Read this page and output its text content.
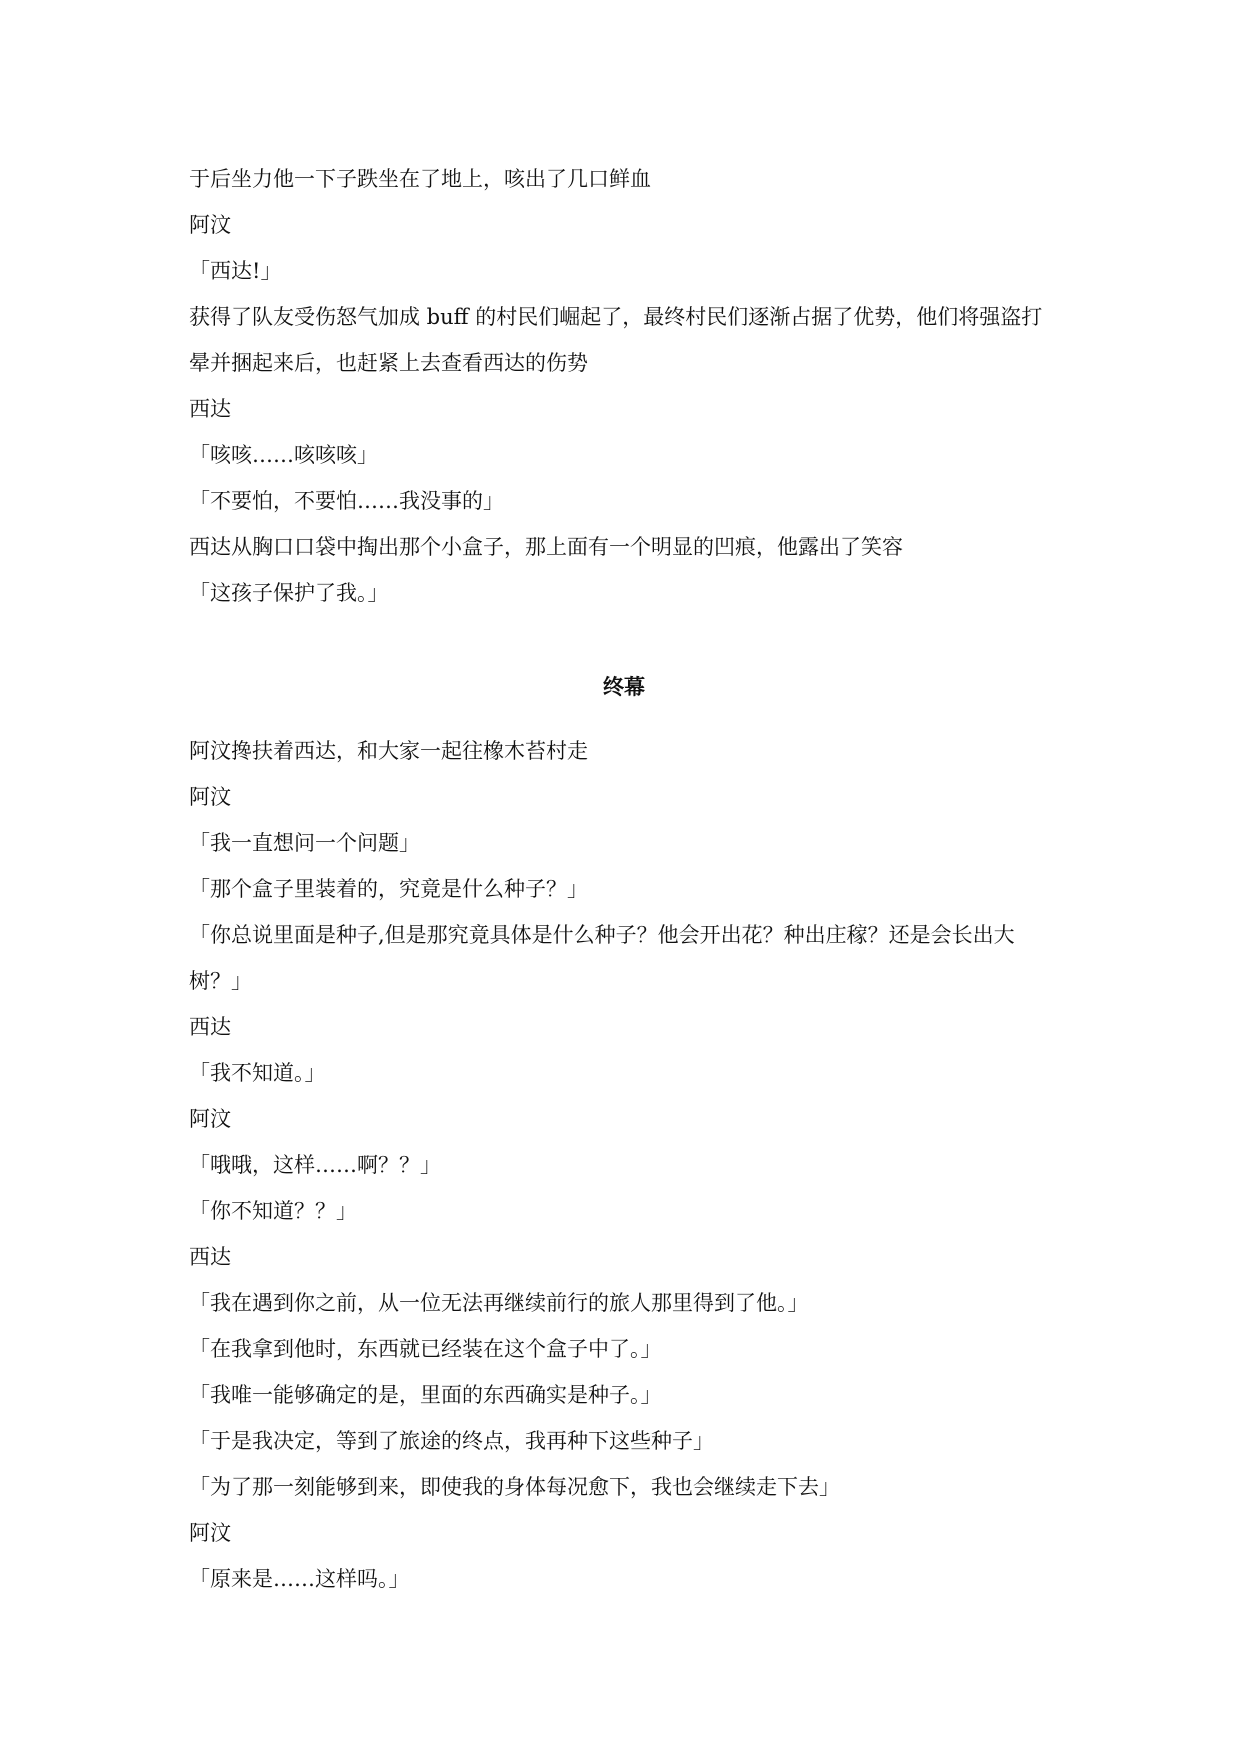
于后坐力他一下子跌坐在了地上，咳出了几口鲜血

阿汶

「西达!」

获得了队友受伤怒气加成 buff 的村民们崛起了，最终村民们逐渐占据了优势，他们将强盗打晕并捆起来后，也赶紧上去查看西达的伤势

西达

「咳咳……咳咳咳」

「不要怕，不要怕……我没事的」

西达从胸口口袋中掏出那个小盒子，那上面有一个明显的凹痕，他露出了笑容

「这孩子保护了我。」

终幕

阿汶搀扶着西达，和大家一起往橡木苔村走

阿汶

「我一直想问一个问题」

「那个盒子里装着的，究竟是什么种子？」

「你总说里面是种子,但是那究竟具体是什么种子？他会开出花？种出庄稼？还是会长出大树？」

西达

「我不知道。」

阿汶

「哦哦，这样……啊？？」

「你不知道？？」

西达

「我在遇到你之前，从一位无法再继续前行的旅人那里得到了他。」

「在我拿到他时，东西就已经装在这个盒子中了。」

「我唯一能够确定的是，里面的东西确实是种子。」

「于是我决定，等到了旅途的终点，我再种下这些种子」

「为了那一刻能够到来，即使我的身体每况愈下，我也会继续走下去」

阿汶

「原来是……这样吗。」
